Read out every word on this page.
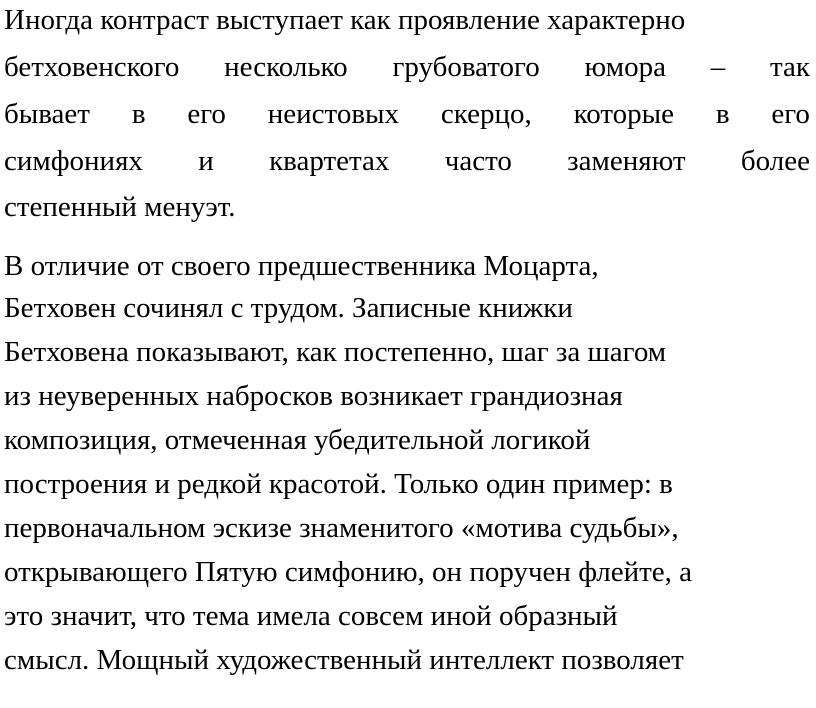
Иногда контраст выступает как проявление характерно
бетховенского несколько грубоватого юмора – так
бывает в его неистовых скерцо, которые в его
симфониях и квартетах часто заменяют более
степенный менуэт.
В отличие от своего предшественника Моцарта,
Бетховен сочинял с трудом. Записные книжки
Бетховена показывают, как постепенно, шаг за шагом
из неуверенных набросков возникает грандиозная
композиция, отмеченная убедительной логикой
построения и редкой красотой. Только один пример: в
первоначальном эскизе знаменитого «мотива судьбы»,
открывающего Пятую симфонию, он поручен флейте, а
это значит, что тема имела совсем иной образный
смысл. Мощный художественный интеллект позволяет
